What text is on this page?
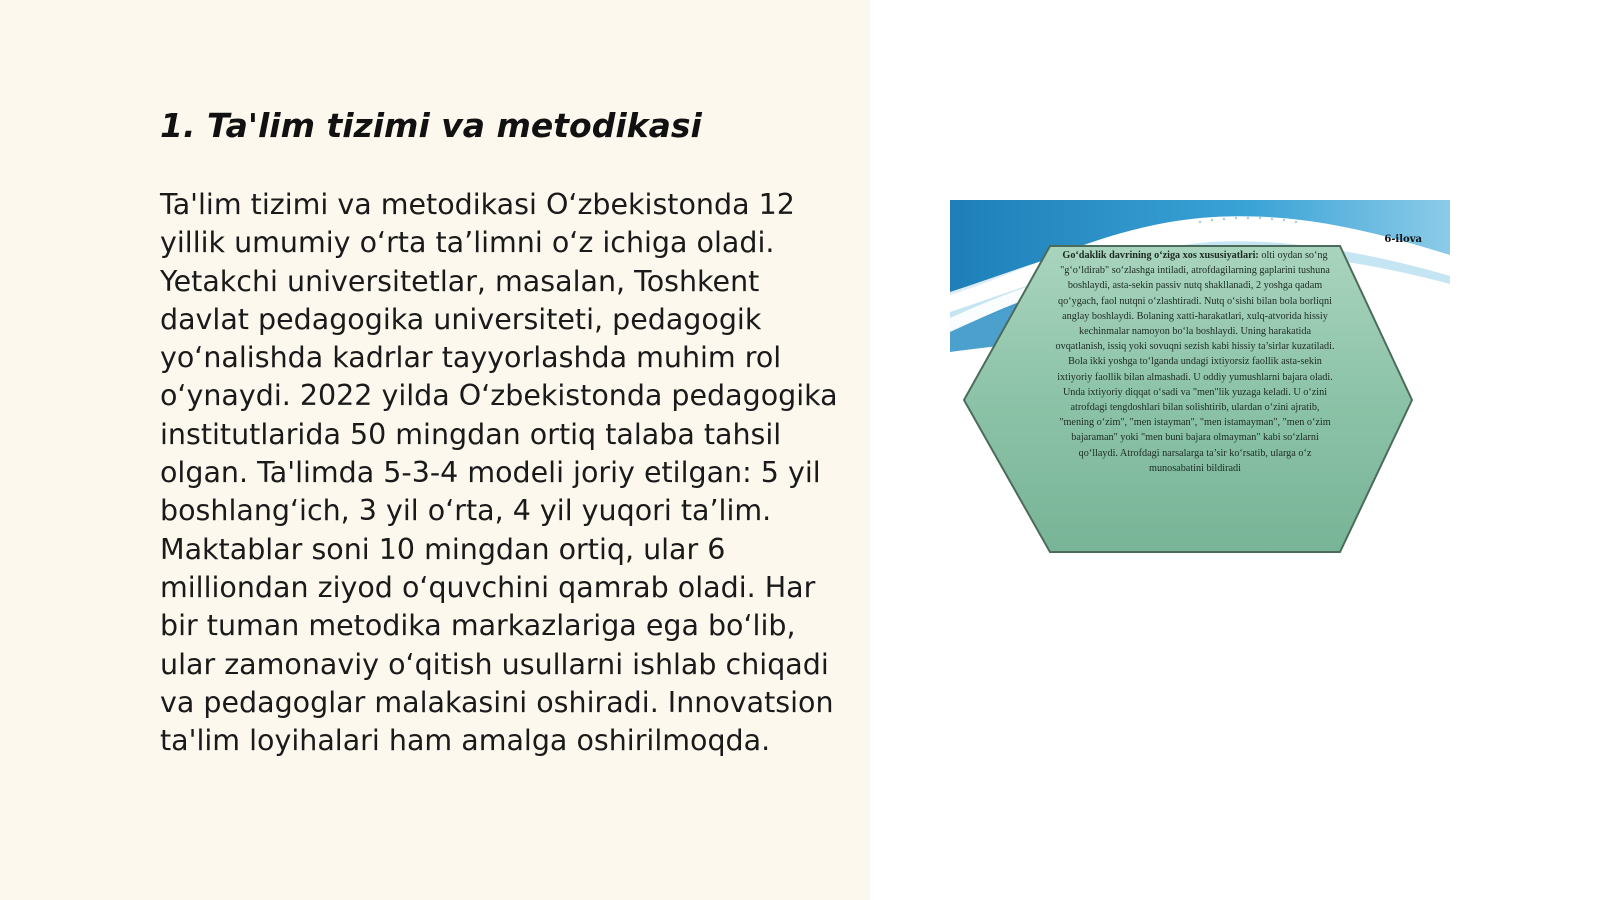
1. Ta'lim tizimi va metodikasi

Ta'lim tizimi va metodikasi O‘zbekistonda 12 yillik umumiy o‘rta ta’limni o‘z ichiga oladi. Yetakchi universitetlar, masalan, Toshkent davlat pedagogika universiteti, pedagogik yo‘nalishda kadrlar tayyorlashda muhim rol o‘ynaydi. 2022 yilda O‘zbekistonda pedagogika institutlarida 50 mingdan ortiq talaba tahsil olgan. Ta'limda 5-3-4 modeli joriy etilgan: 5 yil boshlang‘ich, 3 yil o‘rta, 4 yil yuqori ta’lim. Maktablar soni 10 mingdan ortiq, ular 6 milliondan ziyod o‘quvchini qamrab oladi. Har bir tuman metodika markazlariga ega bo‘lib, ular zamonaviy o‘qitish usullarni ishlab chiqadi va pedagoglar malakasini oshiradi. Innovatsion ta'lim loyihalari ham amalga oshirilmoqda.

6-ilova

Go‘daklik davrining o‘ziga xos xususiyatlari: olti oydan so‘ng "g‘o‘ldirab" so‘zlashga intiladi, atrofdagilarning gaplarini tushuna boshlaydi, asta-sekin passiv nutq shakllanadi, 2 yoshga qadam qo‘ygach, faol nutqni o‘zlashtiradi. Nutq o‘sishi bilan bola borliqni anglay boshlaydi. Bolaning xatti-harakatlari, xulq-atvorida hissiy kechinmalar namoyon bo‘la boshlaydi. Uning harakatida ovqatlanish, issiq yoki sovuqni sezish kabi hissiy ta’sirlar kuzatiladi. Bola ikki yoshga to‘lganda undagi ixtiyorsiz faollik asta-sekin ixtiyoriy faollik bilan almashadi. U oddiy yumushlarni bajara oladi. Unda ixtiyoriy diqqat o‘sadi va "men"lik yuzaga keladi. U o‘zini atrofdagi tengdoshlari bilan solishtirib, ulardan o‘zini ajratib, "mening o‘zim", "men istayman", "men istamayman", "men o‘zim bajaraman" yoki "men buni bajara olmayman" kabi so‘zlarni qo‘llaydi. Atrofdagi narsalarga ta’sir ko‘rsatib, ularga o‘z munosabatini bildiradi
